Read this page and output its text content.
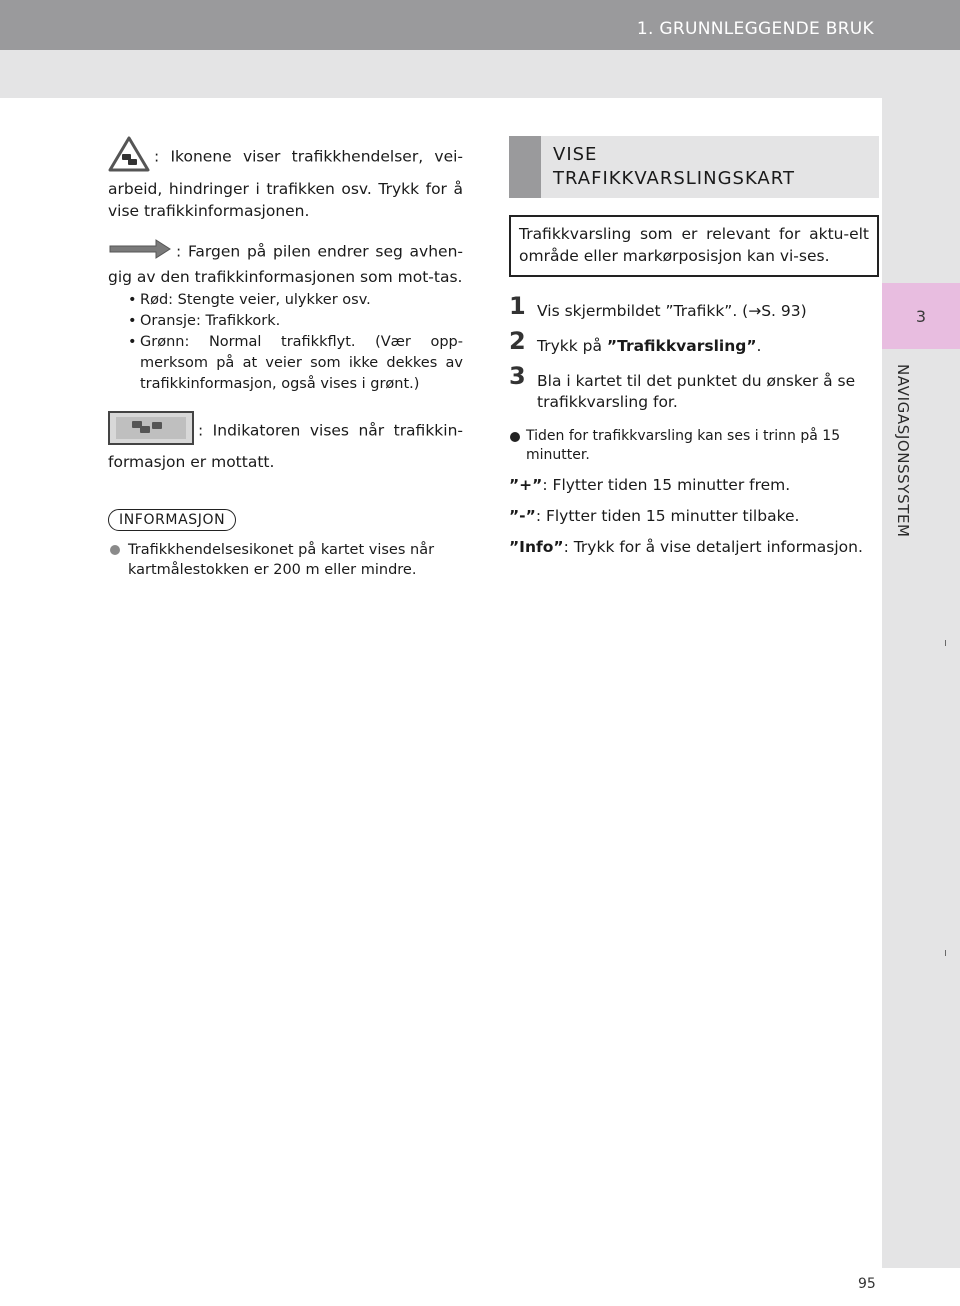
1. GRUNNLEGGENDE BRUK
3
NAVIGASJONSSYSTEM

: Ikonene viser trafikkhendelser, vei-arbeid, hindringer i trafikken osv. Trykk for å vise trafikkinformasjonen.

: Fargen på pilen endrer seg avhen-gig av den trafikkinformasjonen som mot-tas.

• Rød: Stengte veier, ulykker osv.
• Oransje: Trafikkork.
• Grønn: Normal trafikkflyt. (Vær opp-merksom på at veier som ikke dekkes av trafikkinformasjon, også vises i grønt.)

: Indikatoren vises når trafikkin-formasjon er mottatt.

INFORMASJON
Trafikkhendelsesikonet på kartet vises når kartmålestokken er 200 m eller mindre.
VISE
TRAFIKKVARSLINGSKART
Trafikkvarsling som er relevant for aktu-elt område eller markørposisjon kan vi-ses.
1 Vis skjermbildet ”Trafikk”. (→S. 93)
2 Trykk på ”Trafikkvarsling”.
3 Bla i kartet til det punktet du ønsker å se trafikkvarsling for.
Tiden for trafikkvarsling kan ses i trinn på 15 minutter.
”+”: Flytter tiden 15 minutter frem.
”-”: Flytter tiden 15 minutter tilbake.
”Info”: Trykk for å vise detaljert informasjon.
95
